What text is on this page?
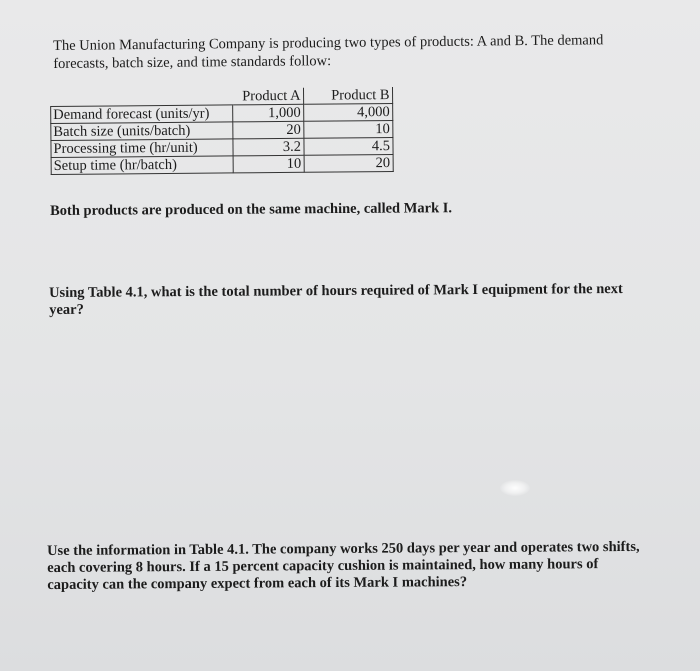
The Union Manufacturing Company is producing two types of products: A and B. The demand
forecasts, batch size, and time standards follow:
	Product A	Product B
Demand forecast (units/yr)	1,000	4,000
Batch size (units/batch)	20	10
Processing time (hr/unit)	3.2	4.5
Setup time (hr/batch)	10	20
Both products are produced on the same machine, called Mark I.
Using Table 4.1, what is the total number of hours required of Mark I equipment for the next
year?
Use the information in Table 4.1. The company works 250 days per year and operates two shifts,
each covering 8 hours. If a 15 percent capacity cushion is maintained, how many hours of
capacity can the company expect from each of its Mark I machines?
